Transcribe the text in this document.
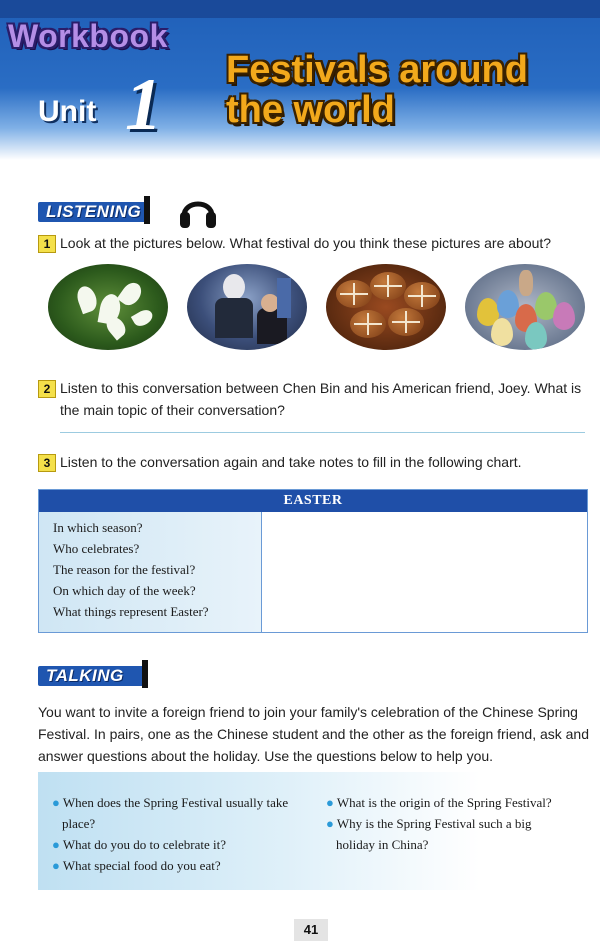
Workbook
Unit 1 Festivals around
the world
LISTENING
1 Look at the pictures below. What festival do you think these pictures are about?
2 Listen to this conversation between Chen Bin and his American friend, Joey. What is
the main topic of their conversation?
3 Listen to the conversation again and take notes to fill in the following chart.
EASTER
In which season?
Who celebrates?
The reason for the festival?
On which day of the week?
What things represent Easter?
TALKING
You want to invite a foreign friend to join your family's celebration of the Chinese Spring
Festival. In pairs, one as the Chinese student and the other as the foreign friend, ask and
answer questions about the holiday. Use the questions below to help you.
● When does the Spring Festival usually take
place?
● What do you do to celebrate it?
● What special food do you eat?
● What is the origin of the Spring Festival?
● Why is the Spring Festival such a big
holiday in China?
41
